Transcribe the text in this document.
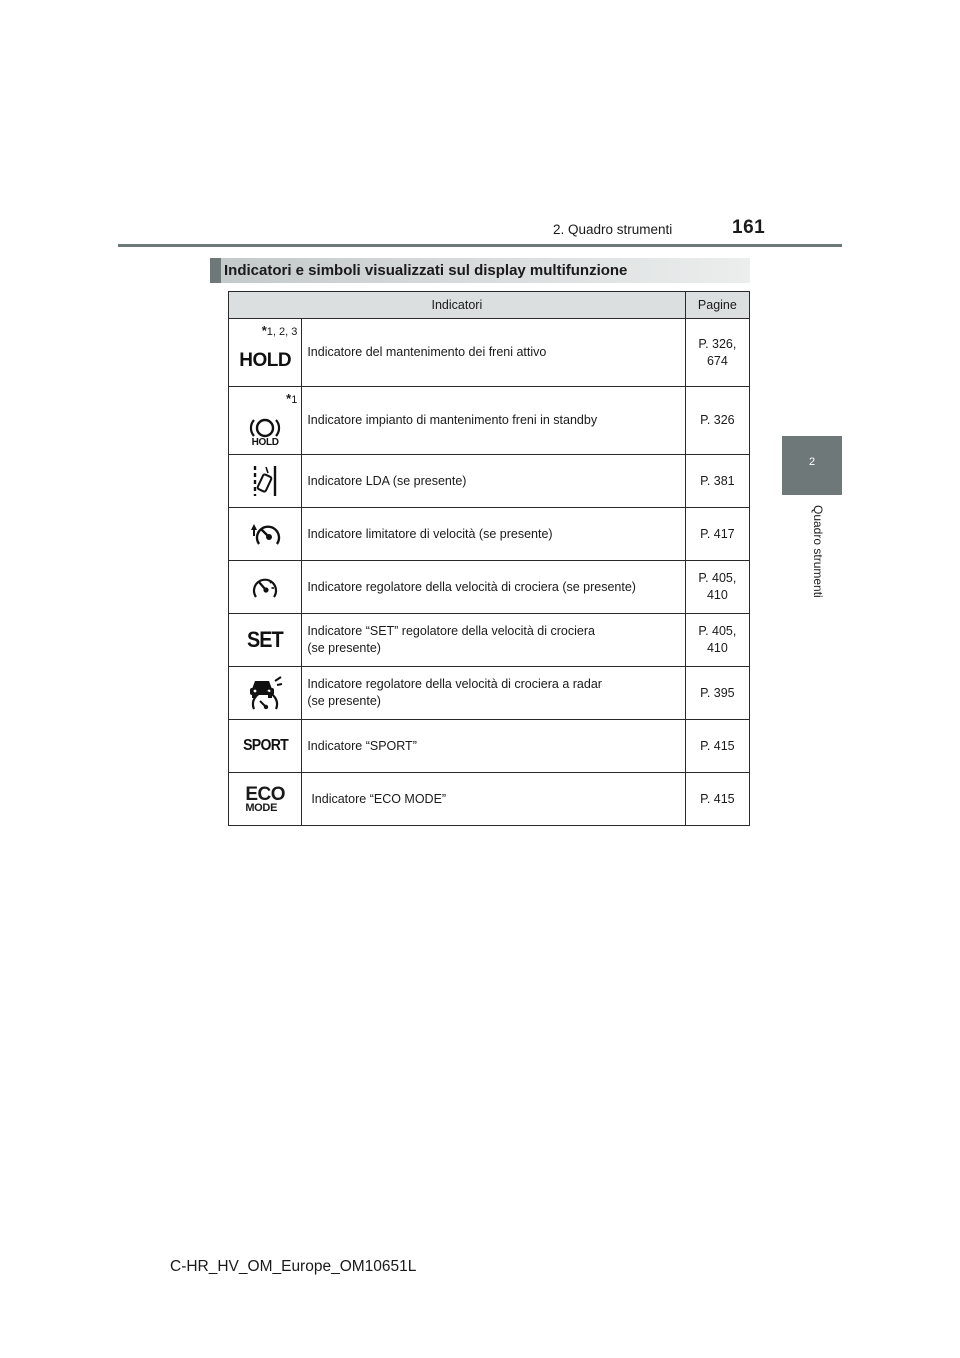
161
2. Quadro strumenti
2
Quadro strumenti
Indicatori e simboli visualizzati sul display multifunzione
Indicatori		Pagine

*1, 2, 3
HOLD	Indicatore del mantenimento dei freni attivo	P. 326,
674

*1
HOLD	Indicatore impianto di mantenimento freni in standby	P. 326

Indicatore LDA (se presente)	P. 381

Indicatore limitatore di velocità (se presente)	P. 417

Indicatore regolatore della velocità di crociera (se presente)	P. 405,
410

SET	Indicatore “SET” regolatore della velocità di crociera
(se presente)	P. 405,
410

Indicatore regolatore della velocità di crociera a radar
(se presente)	P. 395

SPORT	Indicatore “SPORT”	P. 415

ECO
MODE	Indicatore “ECO MODE”	P. 415
C-HR_HV_OM_Europe_OM10651L
